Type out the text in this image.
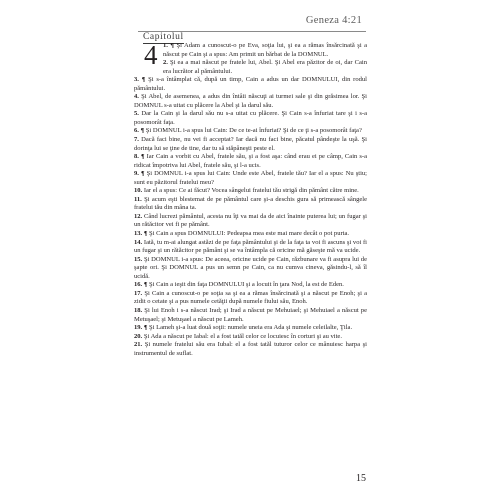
Geneza 4:21
Capitolul
4 1. ¶ Şi Adam a cunoscut-o pe Eva, soţia lui, şi ea a rămas însărcinată şi a născut pe Cain şi a spus: Am primit un bărbat de la DOMNUL.

2. Şi ea a mai născut pe fratele lui, Abel. Şi Abel era păzitor de oi, dar Cain era lucrător al pământului.

3. ¶ Şi s-a întâmplat că, după un timp, Cain a adus un dar DOMNULUI, din rodul pământului.

4. Şi Abel, de asemenea, a adus din întâii născuţi ai turmei sale şi din grăsimea lor. Şi DOMNUL s-a uitat cu plăcere la Abel şi la darul său.

5. Dar la Cain şi la darul său nu s-a uitat cu plăcere. Şi Cain s-a înfuriat tare şi i s-a posomorât faţa.

6. ¶ Şi DOMNUL i-a spus lui Cain: De ce te-ai înfuriat? Şi de ce ţi s-a posomorât faţa?

7. Dacă faci bine, nu vei fi acceptat? Iar dacă nu faci bine, păcatul pândeşte la uşă. Şi dorinţa lui se ţine de tine, dar tu să stăpâneşti peste el.

8. ¶ Iar Cain a vorbit cu Abel, fratele său, şi a fost aşa: când erau ei pe câmp, Cain s-a ridicat împotriva lui Abel, fratele său, şi l-a ucis.

9. ¶ Şi DOMNUL i-a spus lui Cain: Unde este Abel, fratele tău? Iar el a spus: Nu ştiu; sunt eu păzitorul fratelui meu?

10. Iar el a spus: Ce ai făcut? Vocea sângelui fratelui tău strigă din pământ către mine.

11. Şi acum eşti blestemat de pe pământul care şi-a deschis gura să primească sângele fratelui tău din mâna ta.

12. Când lucrezi pământul, acesta nu îţi va mai da de aici înainte puterea lui; un fugar şi un rătăcitor vei fi pe pământ.

13. ¶ Şi Cain a spus DOMNULUI: Pedeapsa mea este mai mare decât o pot purta.

14. Iată, tu m-ai alungat astăzi de pe faţa pământului şi de la faţa ta voi fi ascuns şi voi fi un fugar şi un rătăcitor pe pământ şi se va întâmpla că oricine mă găseşte mă va ucide.

15. Şi DOMNUL i-a spus: De aceea, oricine ucide pe Cain, răzbunare va fi asupra lui de şapte ori. Şi DOMNUL a pus un semn pe Cain, ca nu cumva cineva, găsindu-l, să îl ucidă.

16. ¶ Şi Cain a ieşit din faţa DOMNULUI şi a locuit în ţara Nod, la est de Eden.

17. Şi Cain a cunoscut-o pe soţia sa şi ea a rămas însărcinată şi a născut pe Enoh; şi a zidit o cetate şi a pus numele cetăţii după numele fiului său, Enoh.

18. Şi lui Enoh i s-a născut Irad; şi Irad a născut pe Mehuiael; şi Mehuiael a născut pe Metuşael; şi Metuşael a născut pe Lameh.

19. ¶ Şi Lameh şi-a luat două soţii: numele uneia era Ada şi numele celeilalte, Ţila.

20. Şi Ada a născut pe Iabal: el a fost tatăl celor ce locuiesc în corturi şi au vite.

21. Şi numele fratelui său era Iubal: el a fost tatăl tuturor celor ce mânuiesc harpa şi instrumentul de suflat.

15
